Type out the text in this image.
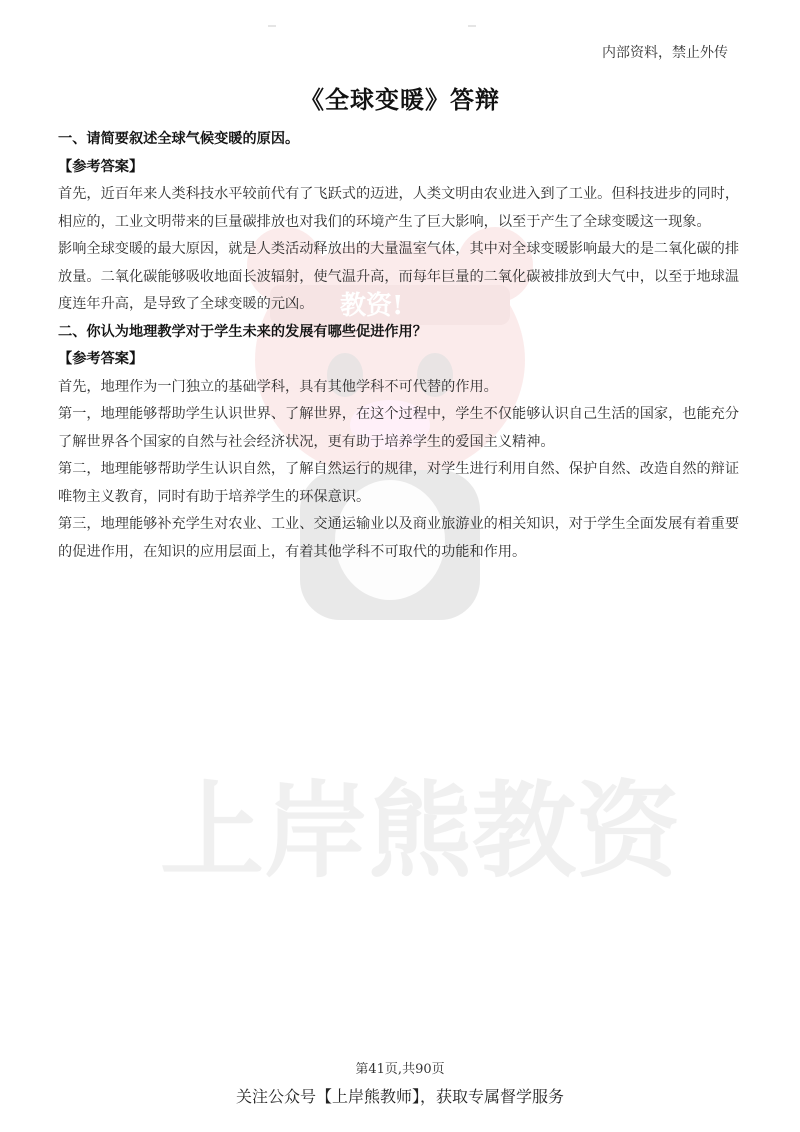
内部资料，禁止外传
教资!
上岸熊教资
《全球变暖》答辩

一、请简要叙述全球气候变暖的原因。

【参考答案】

首先，近百年来人类科技水平较前代有了飞跃式的迈进，人类文明由农业进入到了工业。但科技进步的同时，相应的，工业文明带来的巨量碳排放也对我们的环境产生了巨大影响，以至于产生了全球变暖这一现象。

影响全球变暖的最大原因，就是人类活动释放出的大量温室气体，其中对全球变暖影响最大的是二氧化碳的排放量。二氧化碳能够吸收地面长波辐射，使气温升高，而每年巨量的二氧化碳被排放到大气中，以至于地球温度连年升高，是导致了全球变暖的元凶。

二、你认为地理教学对于学生未来的发展有哪些促进作用？

【参考答案】

首先，地理作为一门独立的基础学科，具有其他学科不可代替的作用。

第一，地理能够帮助学生认识世界、了解世界，在这个过程中，学生不仅能够认识自己生活的国家，也能充分了解世界各个国家的自然与社会经济状况，更有助于培养学生的爱国主义精神。

第二，地理能够帮助学生认识自然，了解自然运行的规律，对学生进行利用自然、保护自然、改造自然的辩证唯物主义教育，同时有助于培养学生的环保意识。

第三，地理能够补充学生对农业、工业、交通运输业以及商业旅游业的相关知识，对于学生全面发展有着重要的促进作用，在知识的应用层面上，有着其他学科不可取代的功能和作用。

第41页,共90页
关注公众号【上岸熊教师】，获取专属督学服务
